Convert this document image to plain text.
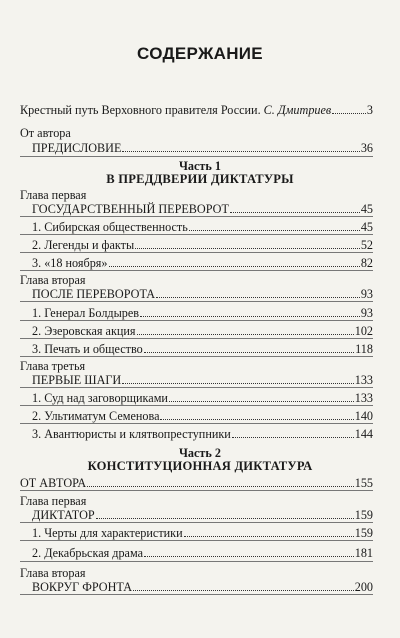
СОДЕРЖАНИЕ
Крестный путь Верховного правителя России. С. Дмитриев	3
От автора
ПРЕДИСЛОВИЕ	36
Часть 1
В ПРЕДДВЕРИИ ДИКТАТУРЫ
Глава первая
ГОСУДАРСТВЕННЫЙ ПЕРЕВОРОТ	45
1. Сибирская общественность	45
2. Легенды и факты	52
3. «18 ноября»	82
Глава вторая
ПОСЛЕ ПЕРЕВОРОТА	93
1. Генерал Болдырев	93
2. Эзеровская акция	102
3. Печать и общество	118
Глава третья
ПЕРВЫЕ ШАГИ	133
1. Суд над заговорщиками	133
2. Ультиматум Семенова	140
3. Авантюристы и клятвопреступники	144
Часть 2
КОНСТИТУЦИОННАЯ ДИКТАТУРА
ОТ АВТОРА	155
Глава первая
ДИКТАТОР	159
1. Черты для характеристики	159
2. Декабрьская драма	181
Глава вторая
ВОКРУГ ФРОНТА	200
